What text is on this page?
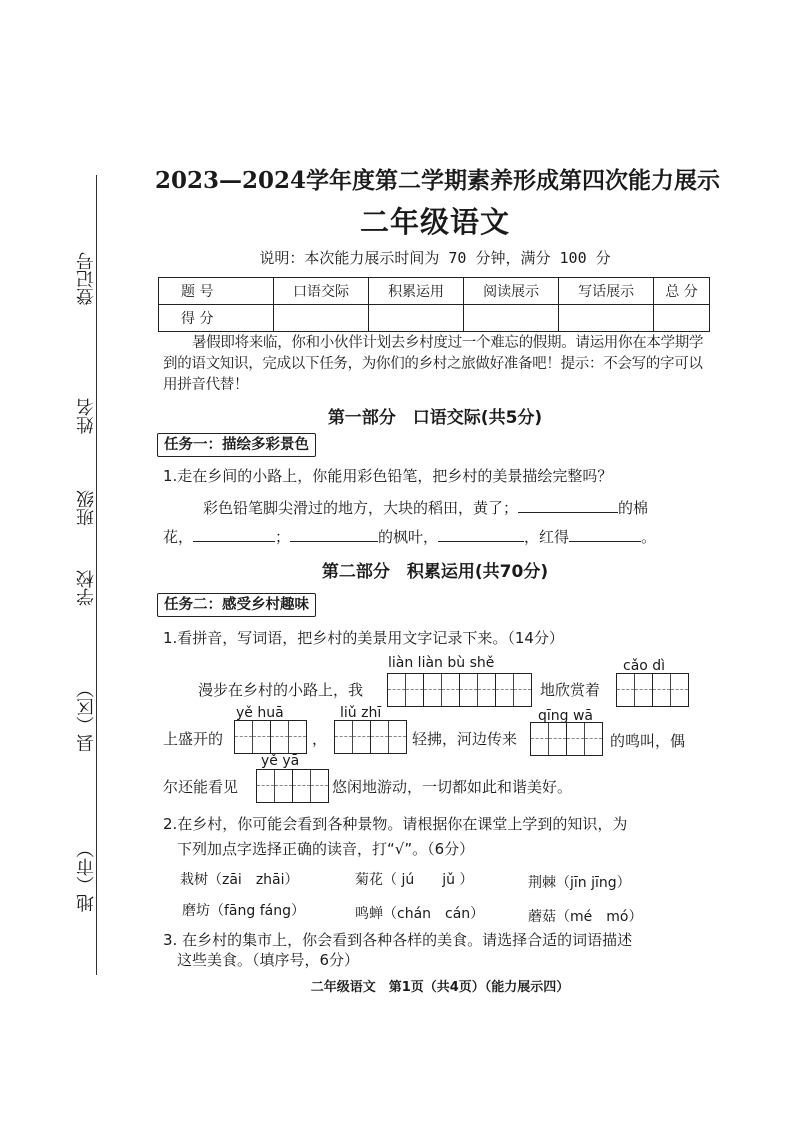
登记号
姓名
班级
学校
县（区）
地（市）
2023—2024学年度第二学期素养形成第四次能力展示
二年级语文
说明：本次能力展示时间为 70 分钟，满分 100 分
题 号	口语交际	积累运用	阅读展示	写话展示	总 分
得 分					
暑假即将来临，你和小伙伴计划去乡村度过一个难忘的假期。请运用你在本学期学到的语文知识，完成以下任务，为你们的乡村之旅做好准备吧！提示：不会写的字可以用拼音代替！
第一部分　口语交际(共5分)
任务一：描绘多彩景色
1.走在乡间的小路上，你能用彩色铅笔，把乡村的美景描绘完整吗？
彩色铅笔脚尖滑过的地方，大块的稻田，黄了；	的棉
花，	；	的枫叶，	，红得	。
第二部分　积累运用(共70分)
任务二：感受乡村趣味
1.看拼音，写词语，把乡村的美景用文字记录下来。（14分）
liàn liàn bù shě	cǎo dì
yě huā	liǔ zhī	qīng wā
yě yā
漫步在乡村的小路上，我	地欣赏着
上盛开的	，	轻拂，河边传来	的鸣叫，偶
尔还能看见	悠闲地游动，一切都如此和谐美好。
2.在乡村，你可能会看到各种景物。请根据你在课堂上学到的知识，为
下列加点字选择正确的读音，打“√”。（6分）
栽树（zāi　zhāi）	菊花（ jú　　jǔ ）	荆棘（jīn jīng）
磨坊（fāng fáng）	鸣蝉（chán　cán）	蘑菇（mé　mó）
3. 在乡村的集市上，你会看到各种各样的美食。请选择合适的词语描述
这些美食。（填序号，6分）
二年级语文　第1页（共4页）（能力展示四）
